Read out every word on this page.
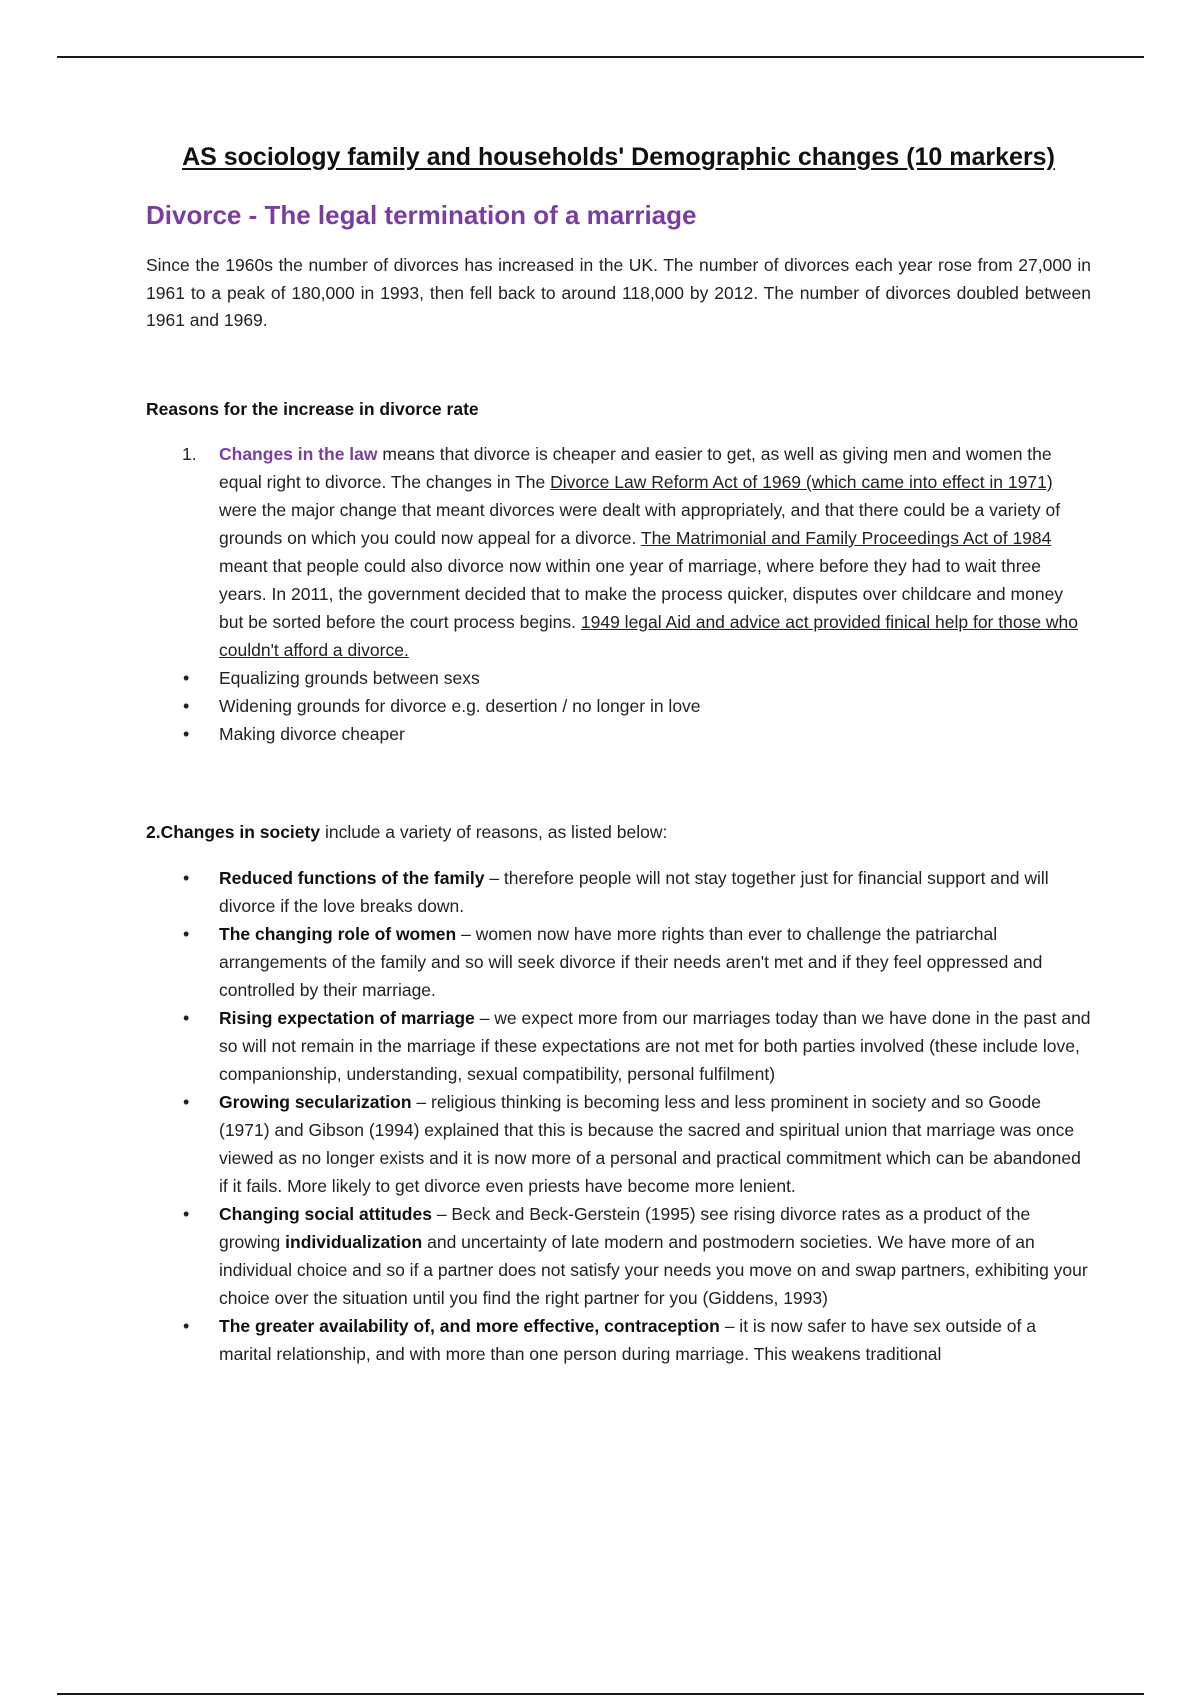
AS sociology family and households' Demographic changes (10 markers)
Divorce - The legal termination of a marriage

Since the 1960s the number of divorces has increased in the UK. The number of divorces each year rose from 27,000 in 1961 to a peak of 180,000 in 1993, then fell back to around 118,000 by 2012. The number of divorces doubled between 1961 and 1969.

Reasons for the increase in divorce rate

1. Changes in the law means that divorce is cheaper and easier to get, as well as giving men and women the equal right to divorce. The changes in The Divorce Law Reform Act of 1969 (which came into effect in 1971) were the major change that meant divorces were dealt with appropriately, and that there could be a variety of grounds on which you could now appeal for a divorce. The Matrimonial and Family Proceedings Act of 1984 meant that people could also divorce now within one year of marriage, where before they had to wait three years. In 2011, the government decided that to make the process quicker, disputes over childcare and money but be sorted before the court process begins. 1949 legal Aid and advice act provided finical help for those who couldn't afford a divorce.
• Equalizing grounds between sexs
• Widening grounds for divorce e.g. desertion / no longer in love
• Making divorce cheaper

2.Changes in society include a variety of reasons, as listed below:

• Reduced functions of the family – therefore people will not stay together just for financial support and will divorce if the love breaks down.
• The changing role of women – women now have more rights than ever to challenge the patriarchal arrangements of the family and so will seek divorce if their needs aren't met and if they feel oppressed and controlled by their marriage.
• Rising expectation of marriage – we expect more from our marriages today than we have done in the past and so will not remain in the marriage if these expectations are not met for both parties involved (these include love, companionship, understanding, sexual compatibility, personal fulfilment)
• Growing secularization – religious thinking is becoming less and less prominent in society and so Goode (1971) and Gibson (1994) explained that this is because the sacred and spiritual union that marriage was once viewed as no longer exists and it is now more of a personal and practical commitment which can be abandoned if it fails. More likely to get divorce even priests have become more lenient.
• Changing social attitudes – Beck and Beck-Gerstein (1995) see rising divorce rates as a product of the growing individualization and uncertainty of late modern and postmodern societies. We have more of an individual choice and so if a partner does not satisfy your needs you move on and swap partners, exhibiting your choice over the situation until you find the right partner for you (Giddens, 1993)
• The greater availability of, and more effective, contraception – it is now safer to have sex outside of a marital relationship, and with more than one person during marriage. This weakens traditional
